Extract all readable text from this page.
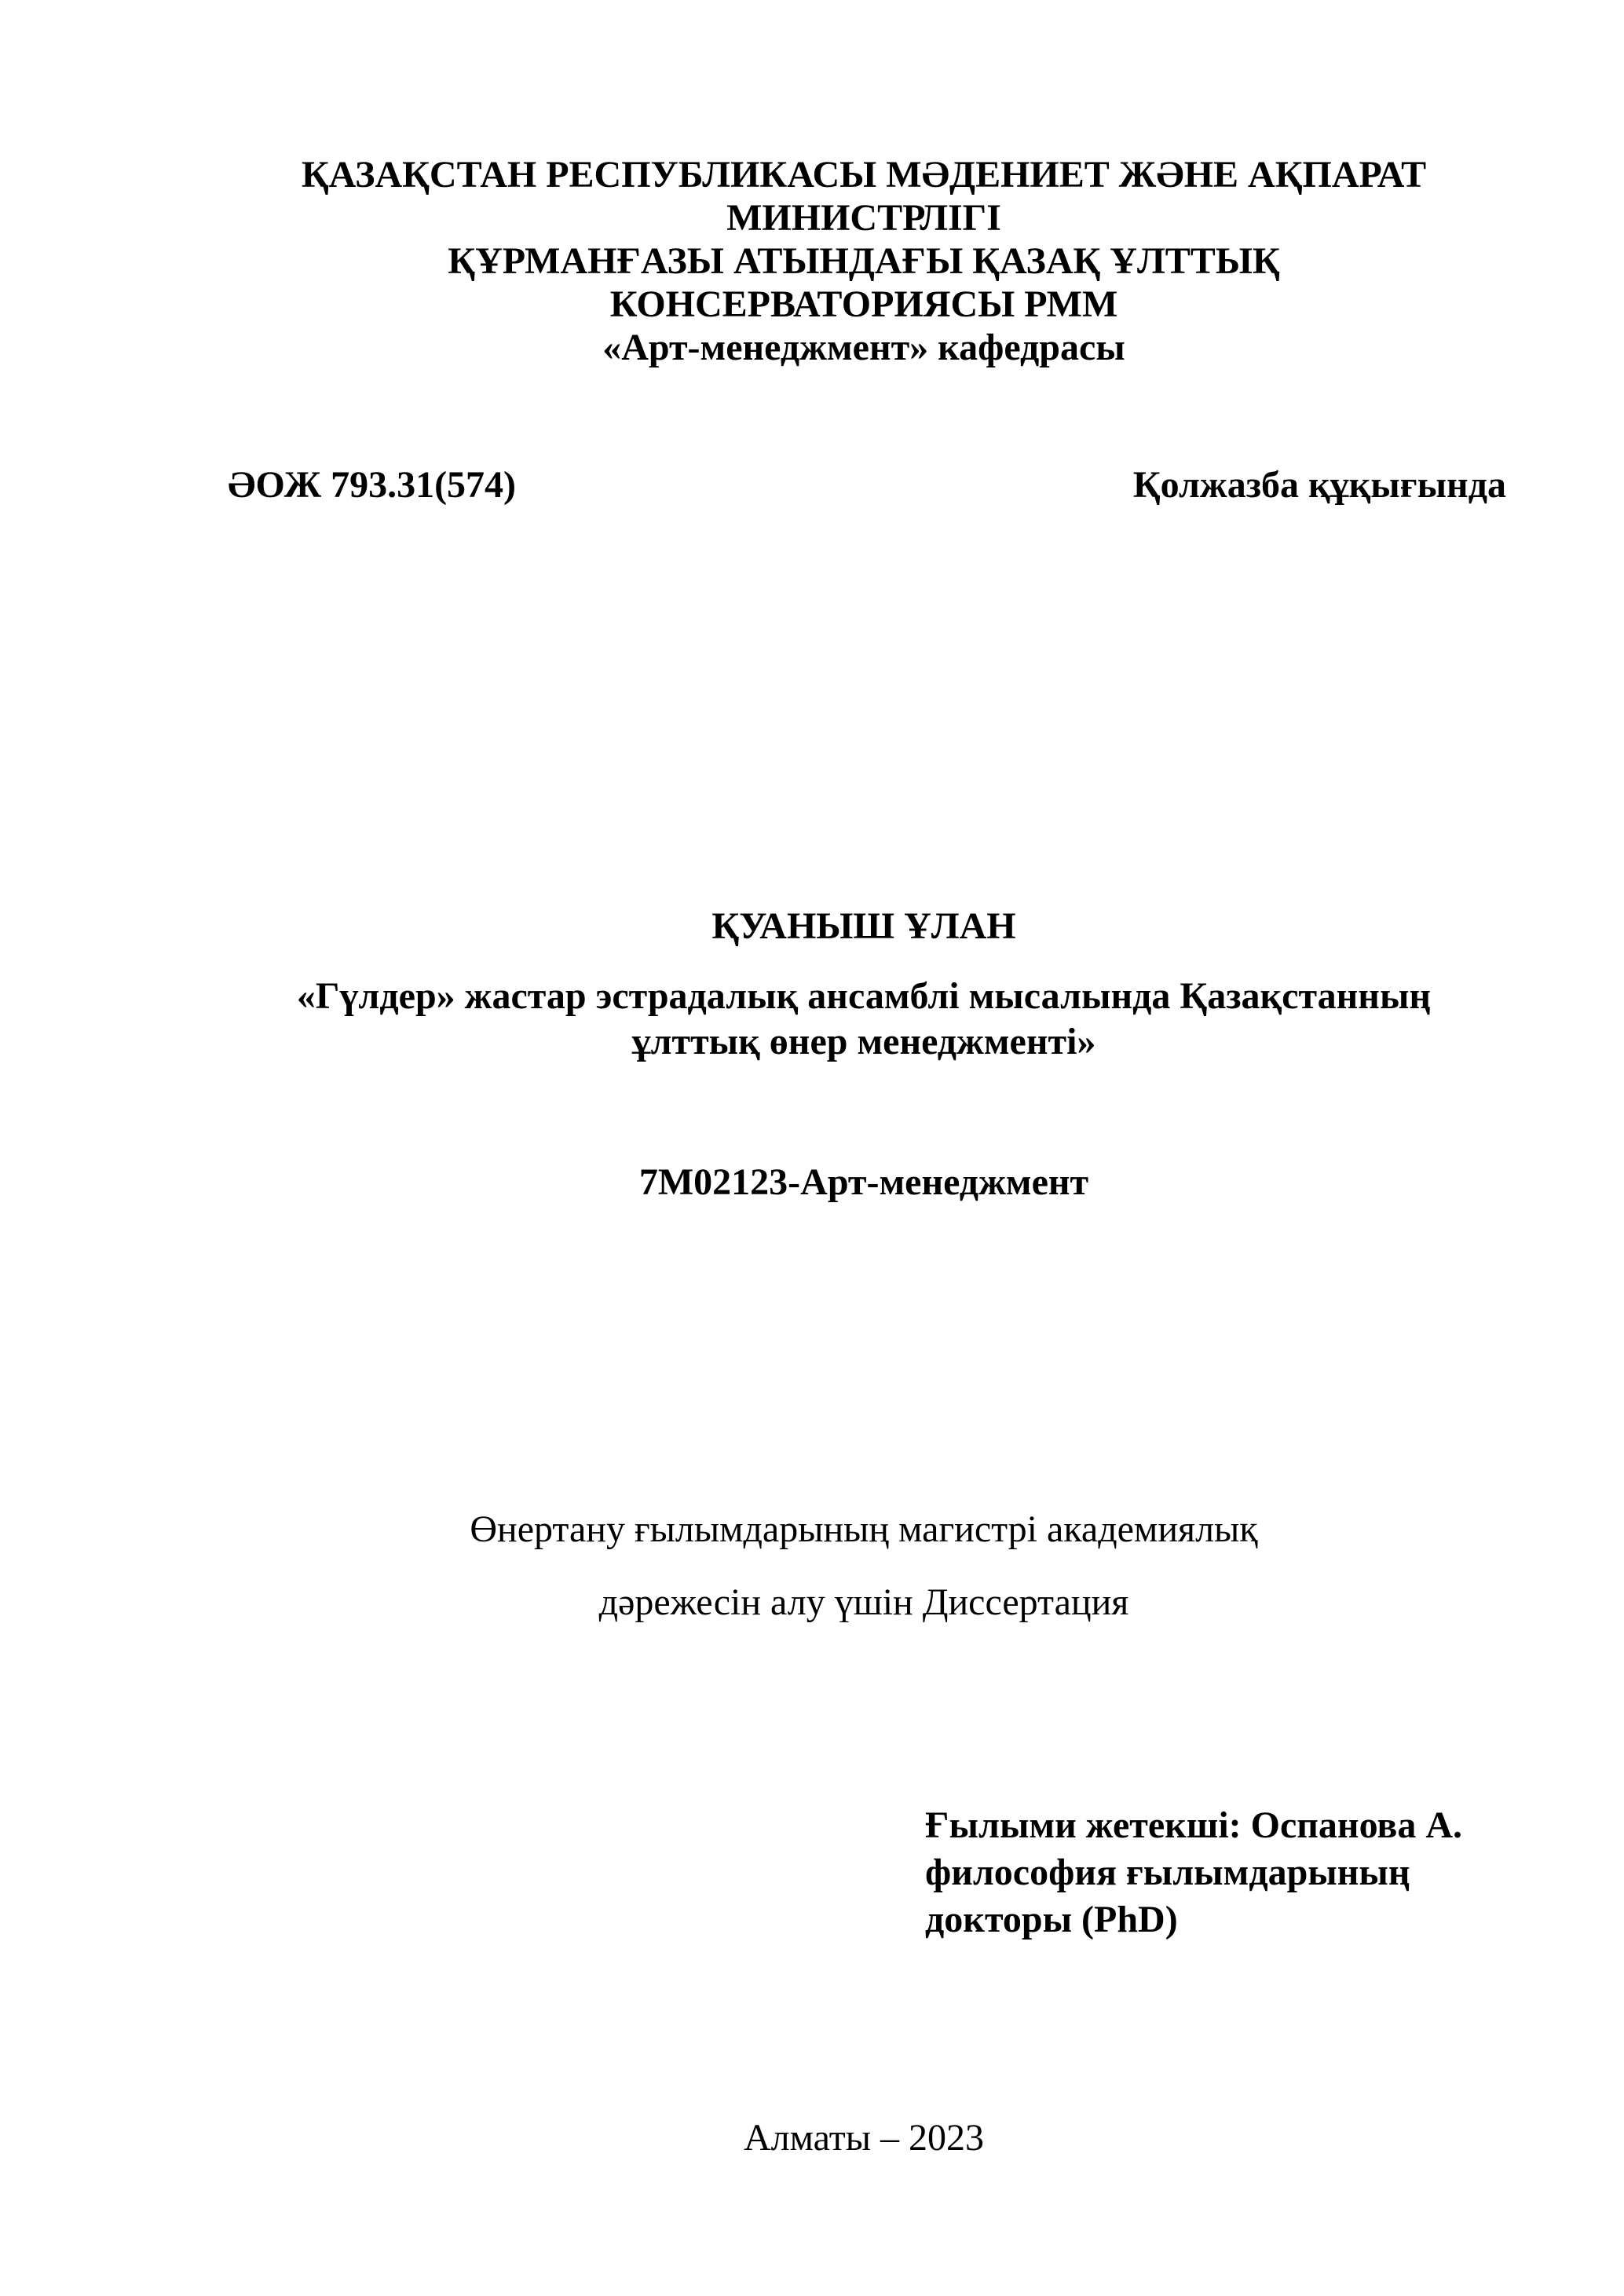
ҚАЗАҚСТАН РЕСПУБЛИКАСЫ МӘДЕНИЕТ ЖӘНЕ АҚПАРАТ
МИНИСТРЛІГІ
ҚҰРМАНҒАЗЫ АТЫНДАҒЫ ҚАЗАҚ ҰЛТТЫҚ
КОНСЕРВАТОРИЯСЫ РММ
«Арт-менеджмент» кафедрасы
ӘОЖ 793.31(574)	Қолжазба құқығында
ҚУАНЫШ ҰЛАН
«Гүлдер» жастар эстрадалық ансамблі мысалында Қазақстанның
ұлттық өнер менеджменті»
7М02123-Арт-менеджмент
Өнертану ғылымдарының магистрі академиялық
дәрежесін алу үшін Диссертация
Ғылыми жетекші: Оспанова А.
философия ғылымдарының
докторы (PhD)
Алматы – 2023
